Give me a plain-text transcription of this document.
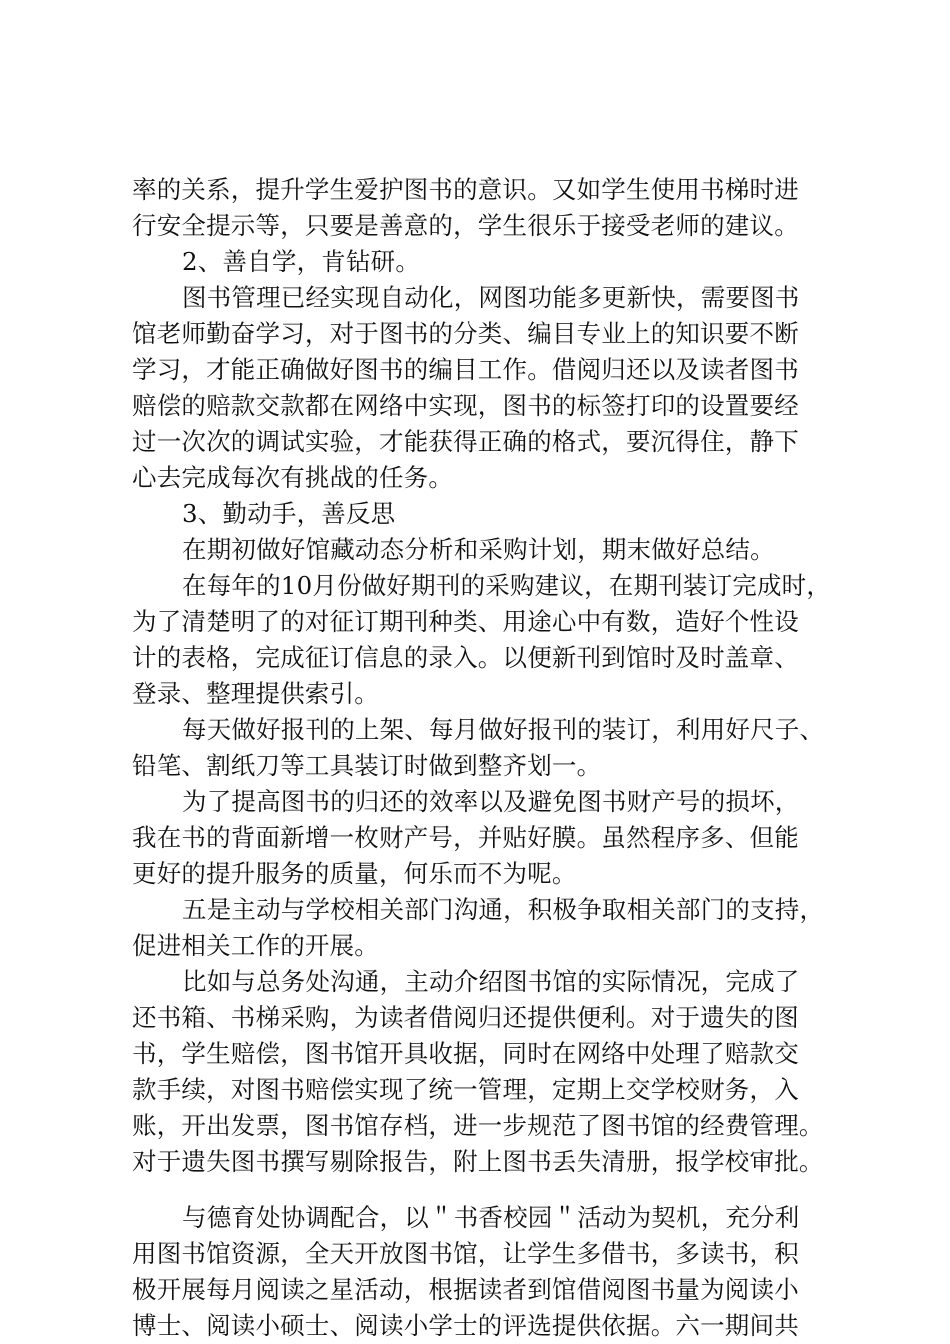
率的关系，提升学生爱护图书的意识。又如学生使用书梯时进
行安全提示等，只要是善意的，学生很乐于接受老师的建议。
2、善自学，肯钻研。
图书管理已经实现自动化，网图功能多更新快，需要图书
馆老师勤奋学习，对于图书的分类、编目专业上的知识要不断
学习，才能正确做好图书的编目工作。借阅归还以及读者图书
赔偿的赔款交款都在网络中实现，图书的标签打印的设置要经
过一次次的调试实验，才能获得正确的格式，要沉得住，静下
心去完成每次有挑战的任务。
3、勤动手，善反思
在期初做好馆藏动态分析和采购计划，期末做好总结。
在每年的10月份做好期刊的采购建议，在期刊装订完成时，
为了清楚明了的对征订期刊种类、用途心中有数，造好个性设
计的表格，完成征订信息的录入。以便新刊到馆时及时盖章、
登录、整理提供索引。
每天做好报刊的上架、每月做好报刊的装订，利用好尺子、
铅笔、割纸刀等工具装订时做到整齐划一。
为了提高图书的归还的效率以及避免图书财产号的损坏，
我在书的背面新增一枚财产号，并贴好膜。虽然程序多、但能
更好的提升服务的质量，何乐而不为呢。
五是主动与学校相关部门沟通，积极争取相关部门的支持，
促进相关工作的开展。
比如与总务处沟通，主动介绍图书馆的实际情况，完成了
还书箱、书梯采购，为读者借阅归还提供便利。对于遗失的图
书，学生赔偿，图书馆开具收据，同时在网络中处理了赔款交
款手续，对图书赔偿实现了统一管理，定期上交学校财务，入
账，开出发票，图书馆存档，进一步规范了图书馆的经费管理。
对于遗失图书撰写剔除报告，附上图书丢失清册，报学校审批。
与德育处协调配合，以＂书香校园＂活动为契机，充分利
用图书馆资源，全天开放图书馆，让学生多借书，多读书，积
极开展每月阅读之星活动，根据读者到馆借阅图书量为阅读小
博士、阅读小硕士、阅读小学士的评选提供依据。六一期间共
